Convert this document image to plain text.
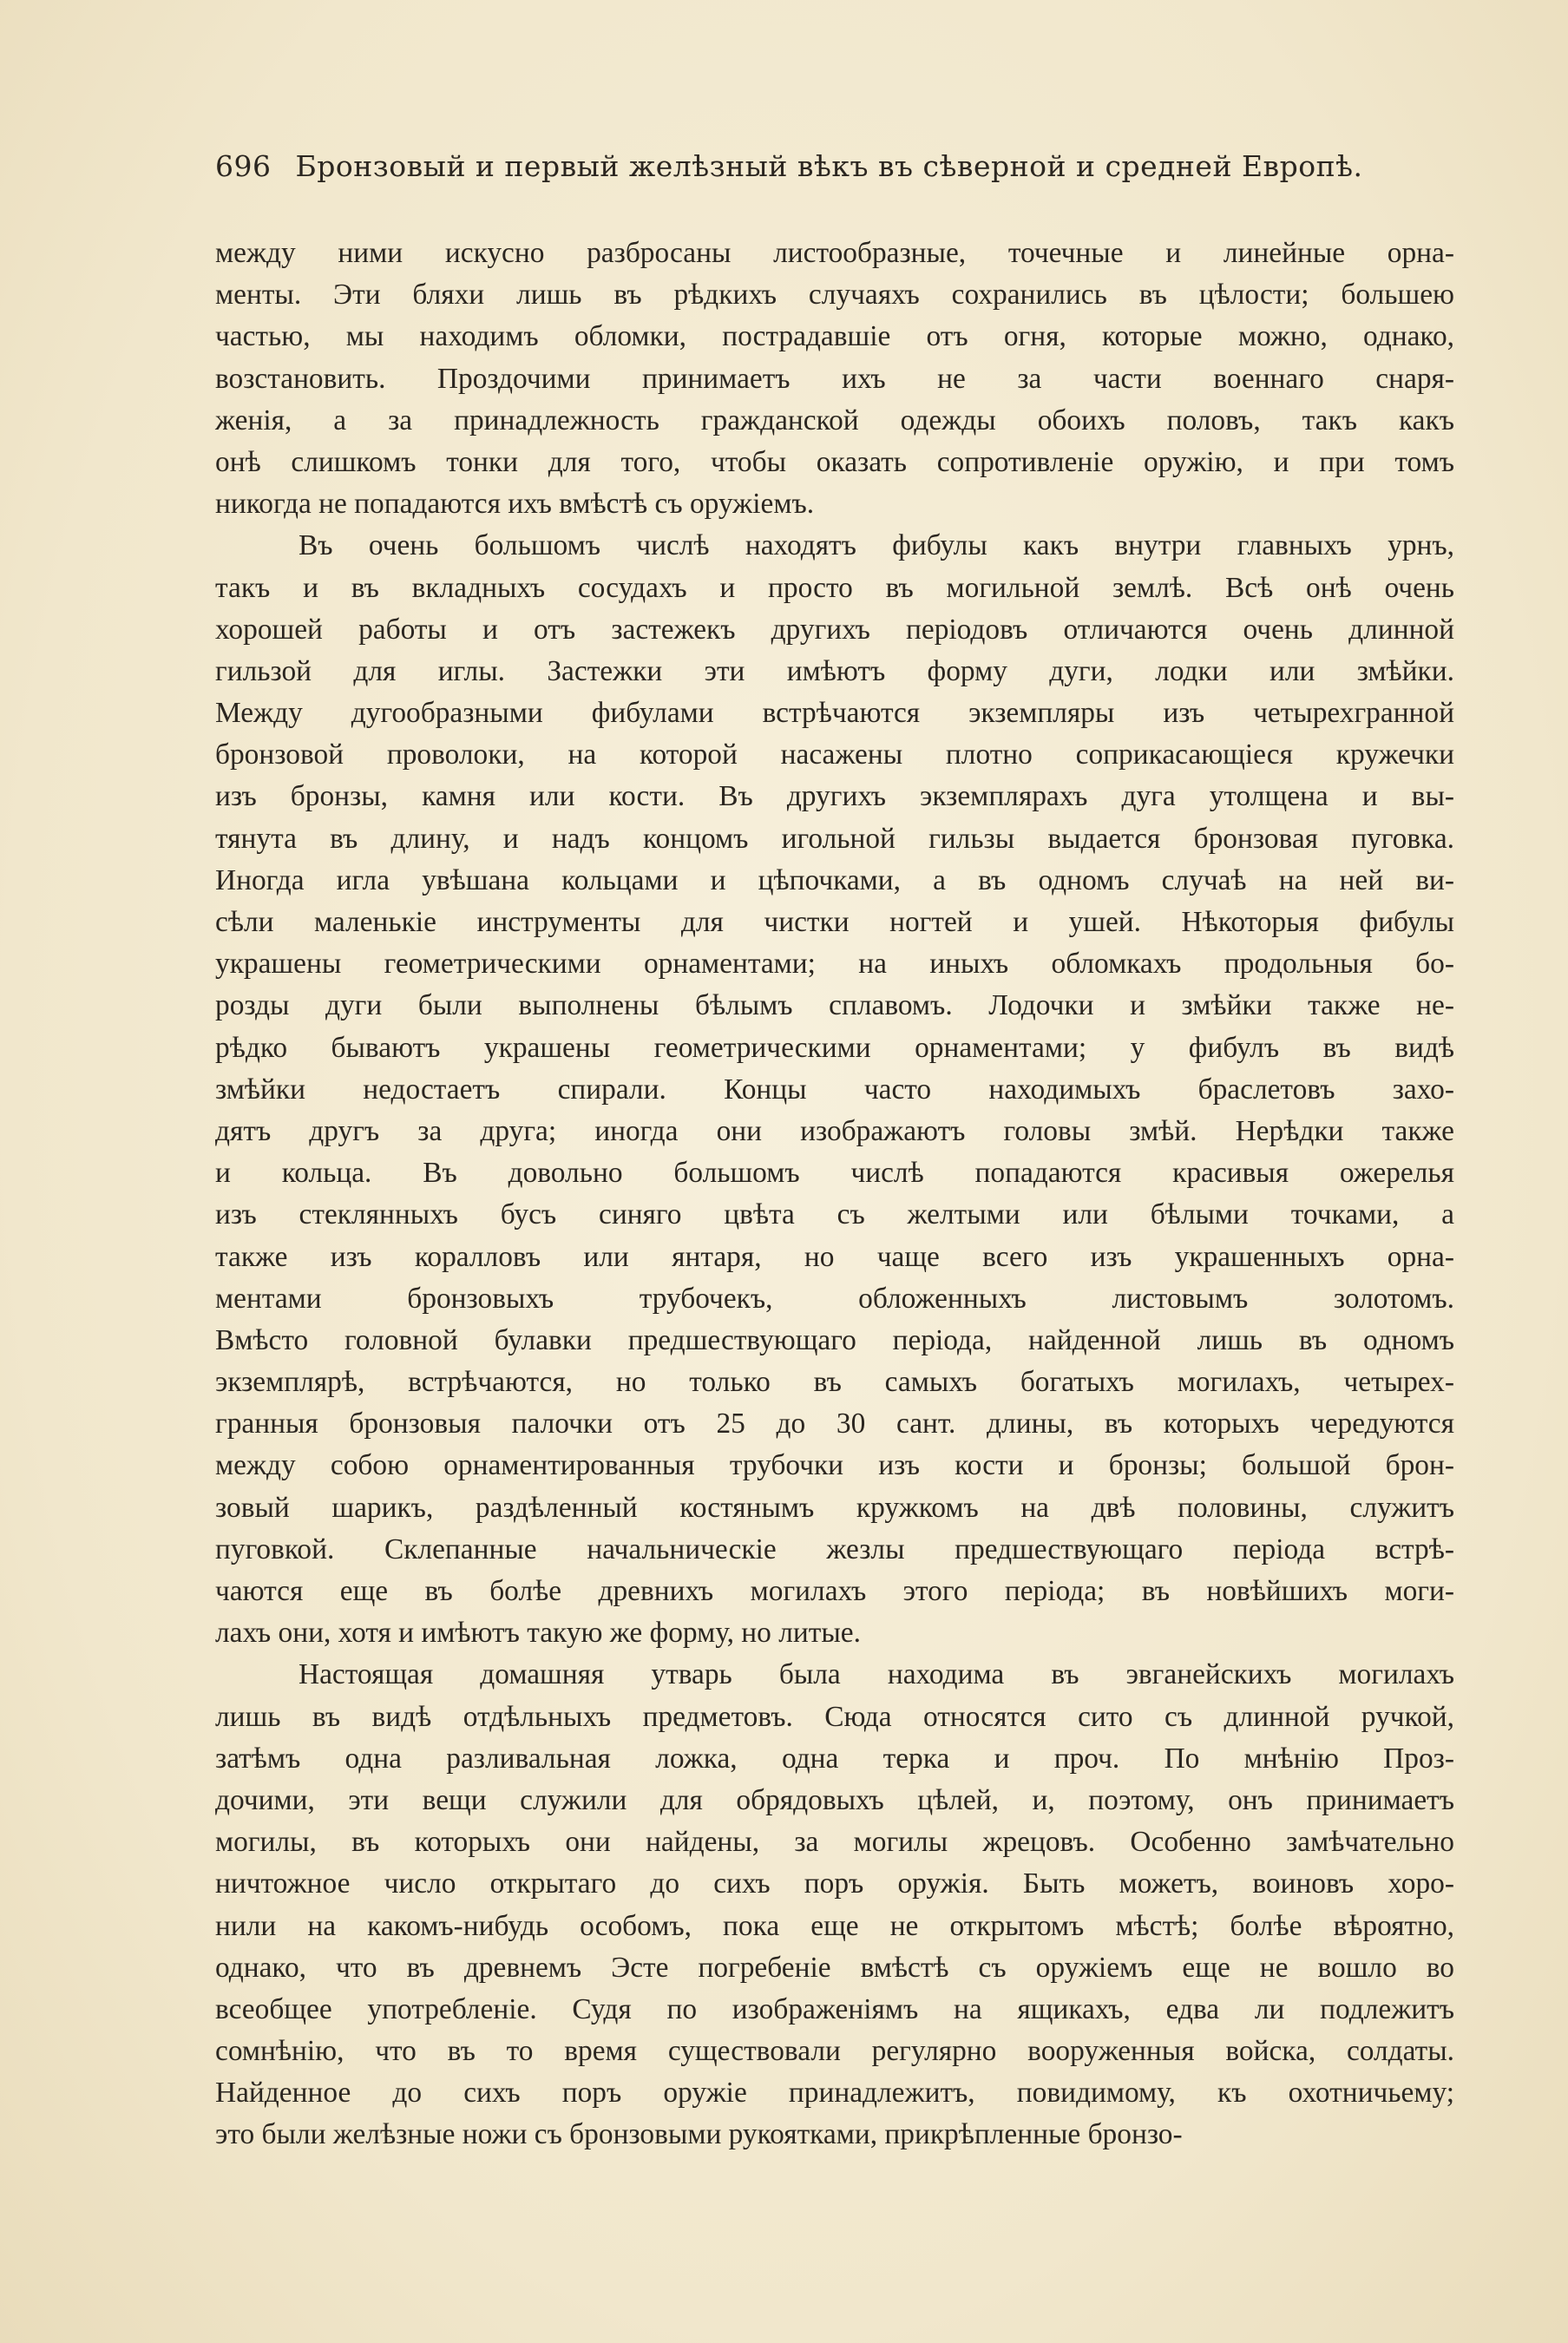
696 Бронзовый и первый желѣзный вѣкъ въ сѣверной и средней Европѣ.
между ними искусно разбросаны листообразные, точечные и линейные орна-
менты. Эти бляхи лишь въ рѣдкихъ случаяхъ сохранились въ цѣлости; большею
частью, мы находимъ обломки, пострадавшiе отъ огня, которые можно, однако,
возстановить. Проздочими принимаетъ ихъ не за части военнаго снаря-
женiя, а за принадлежность гражданской одежды обоихъ половъ, такъ какъ
онѣ слишкомъ тонки для того, чтобы оказать сопротивленiе оружiю, и при томъ
никогда не попадаются ихъ вмѣстѣ съ оружiемъ.
Въ очень большомъ числѣ находятъ фибулы какъ внутри главныхъ урнъ,
такъ и въ вкладныхъ сосудахъ и просто въ могильной землѣ. Всѣ онѣ очень
хорошей работы и отъ застежекъ другихъ перiодовъ отличаются очень длинной
гильзой для иглы. Застежки эти имѣютъ форму дуги, лодки или змѣйки.
Между дугообразными фибулами встрѣчаются экземпляры изъ четырехгранной
бронзовой проволоки, на которой насажены плотно соприкасающiеся кружечки
изъ бронзы, камня или кости. Въ другихъ экземплярахъ дуга утолщена и вы-
тянута въ длину, и надъ концомъ игольной гильзы выдается бронзовая пуговка.
Иногда игла увѣшана кольцами и цѣпочками, а въ одномъ случаѣ на ней ви-
сѣли маленькiе инструменты для чистки ногтей и ушей. Нѣкоторыя фибулы
украшены геометрическими орнаментами; на иныхъ обломкахъ продольныя бо-
розды дуги были выполнены бѣлымъ сплавомъ. Лодочки и змѣйки также не-
рѣдко бываютъ украшены геометрическими орнаментами; у фибулъ въ видѣ
змѣйки недостаетъ спирали. Концы часто находимыхъ браслетовъ захо-
дятъ другъ за друга; иногда они изображаютъ головы змѣй. Нерѣдки также
и кольца. Въ довольно большомъ числѣ попадаются красивыя ожерелья
изъ стеклянныхъ бусъ синяго цвѣта съ желтыми или бѣлыми точками, а
также изъ кораллoвъ или янтаря, но чаще всего изъ украшенныхъ орна-
ментами бронзовыхъ трубочекъ, обложенныхъ листовымъ золотомъ.
Вмѣсто головной булавки предшествующаго перiода, найденной лишь въ одномъ
экземплярѣ, встрѣчаются, но только въ самыхъ богатыхъ могилахъ, четырех-
гранныя бронзовыя палочки отъ 25 до 30 сант. длины, въ которыхъ чередуются
между собою орнаментированныя трубочки изъ кости и бронзы; большой брон-
зовый шарикъ, раздѣленный костянымъ кружкомъ на двѣ половины, служитъ
пуговкой. Склепанные начальническiе жезлы предшествующаго перiода встрѣ-
чаются еще въ болѣе древнихъ могилахъ этого перiода; въ новѣйшихъ моги-
лахъ они, хотя и имѣютъ такую же форму, но литые.
Настоящая домашняя утварь была находима въ эвганейскихъ могилахъ
лишь въ видѣ отдѣльныхъ предметовъ. Сюда относятся сито съ длинной ручкой,
затѣмъ одна разливальная ложка, одна терка и проч. По мнѣнiю Проз-
дочими, эти вещи служили для обрядовыхъ цѣлей, и, поэтому, онъ принимаетъ
могилы, въ которыхъ они найдены, за могилы жрецовъ. Особенно замѣчательно
ничтожное число открытаго до сихъ поръ оружiя. Быть можетъ, воиновъ хоро-
нили на какомъ-нибудь особомъ, пока еще не открытомъ мѣстѣ; болѣе вѣроятно,
однако, что въ древнемъ Эсте погребенiе вмѣстѣ съ оружiемъ еще не вошло во
всеобщее употребленiе. Судя по изображенiямъ на ящикахъ, едва ли подлежитъ
сомнѣнiю, что въ то время существовали регулярно вооруженныя войска, солдаты.
Найденное до сихъ поръ оружiе принадлежитъ, повидимому, къ охотничьему;
это были желѣзные ножи съ бронзовыми рукоятками, прикрѣпленные бронзо-
